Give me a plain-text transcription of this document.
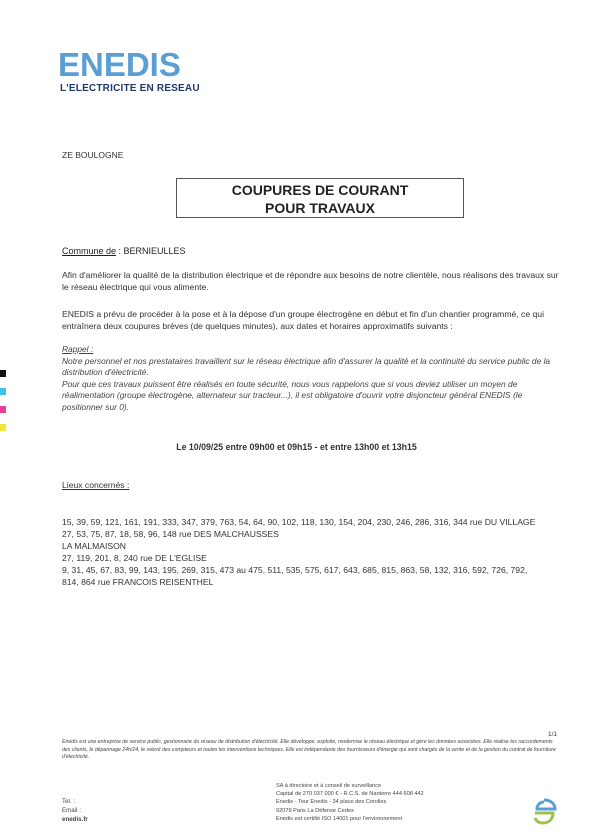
ENEDIS
L'ELECTRICITE EN RESEAU
ZE BOULOGNE
COUPURES DE COURANT
POUR TRAVAUX
Commune de : BERNIEULLES
Afin d'améliorer la qualité de la distribution électrique et de répondre aux besoins de notre clientèle, nous réalisons des travaux sur le réseau électrique qui vous alimente.
ENEDIS a prévu de procéder à la pose et à la dépose d'un groupe électrogène en début et fin d'un chantier programmé, ce qui entraînera deux coupures brèves (de quelques minutes), aux dates et horaires approximatifs suivants :
Rappel :
Notre personnel et nos prestataires travaillent sur le réseau électrique afin d'assurer la qualité et la continuité du service public de la distribution d'électricité.
Pour que ces travaux puissent être réalisés en toute sécurité, nous vous rappelons que si vous deviez utiliser un moyen de réalimentation (groupe électrogène, alternateur sur tracteur...), il est obligatoire d'ouvrir votre disjoncteur général ENEDIS (le positionner sur 0).
Le 10/09/25 entre 09h00 et 09h15 - et entre 13h00 et 13h15
Lieux concernés :
15, 39, 59, 121, 161, 191, 333, 347, 379, 763, 54, 64, 90, 102, 118, 130, 154, 204, 230, 246, 286, 316, 344 rue DU VILLAGE
27, 53, 75, 87, 18, 58, 96, 148 rue DES MALCHAUSSES
LA MALMAISON
27, 119, 201, 8, 240 rue DE L'EGLISE
9, 31, 45, 67, 83, 99, 143, 195, 269, 315, 473 au 475, 511, 535, 575, 617, 643, 685, 815, 863, 58, 132, 316, 592, 726, 792,
814, 864 rue FRANCOIS REISENTHEL
1/1
Enedis est une entreprise de service public, gestionnaire du réseau de distribution d'électricité. Elle développe, exploite, modernise le réseau électrique et gère les données associées. Elle réalise les raccordements des clients, le dépannage 24h/24, le relevé des compteurs et toutes les interventions techniques. Elle est indépendante des fournisseurs d'énergie qui sont chargés de la vente et de la gestion du contrat de fourniture d'électricité.
Tel. :
Email :
enedis.fr
SA à directoire et à conseil de surveillance
Capital de 270 037 000 € - R.C.S. de Nanterre 444 608 442
Enedis - Tour Enedis - 34 place des Corolles
92079 Paris La Défense Cedex
Enedis est certifié ISO 14001 pour l'environnement
